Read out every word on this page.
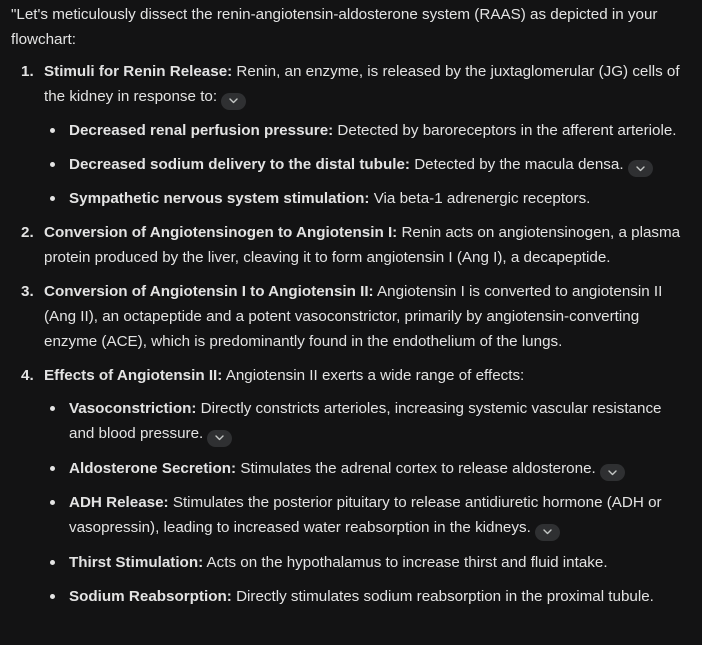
"Let's meticulously dissect the renin-angiotensin-aldosterone system (RAAS) as depicted in your flowchart:

1. Stimuli for Renin Release: Renin, an enzyme, is released by the juxtaglomerular (JG) cells of the kidney in response to:
Decreased renal perfusion pressure: Detected by baroreceptors in the afferent arteriole.
Decreased sodium delivery to the distal tubule: Detected by the macula densa.
Sympathetic nervous system stimulation: Via beta-1 adrenergic receptors.
2. Conversion of Angiotensinogen to Angiotensin I: Renin acts on angiotensinogen, a plasma protein produced by the liver, cleaving it to form angiotensin I (Ang I), a decapeptide.
3. Conversion of Angiotensin I to Angiotensin II: Angiotensin I is converted to angiotensin II (Ang II), an octapeptide and a potent vasoconstrictor, primarily by angiotensin-converting enzyme (ACE), which is predominantly found in the endothelium of the lungs.
4. Effects of Angiotensin II: Angiotensin II exerts a wide range of effects:
Vasoconstriction: Directly constricts arterioles, increasing systemic vascular resistance and blood pressure.
Aldosterone Secretion: Stimulates the adrenal cortex to release aldosterone.
ADH Release: Stimulates the posterior pituitary to release antidiuretic hormone (ADH or vasopressin), leading to increased water reabsorption in the kidneys.
Thirst Stimulation: Acts on the hypothalamus to increase thirst and fluid intake.
Sodium Reabsorption: Directly stimulates sodium reabsorption in the proximal tubule.
